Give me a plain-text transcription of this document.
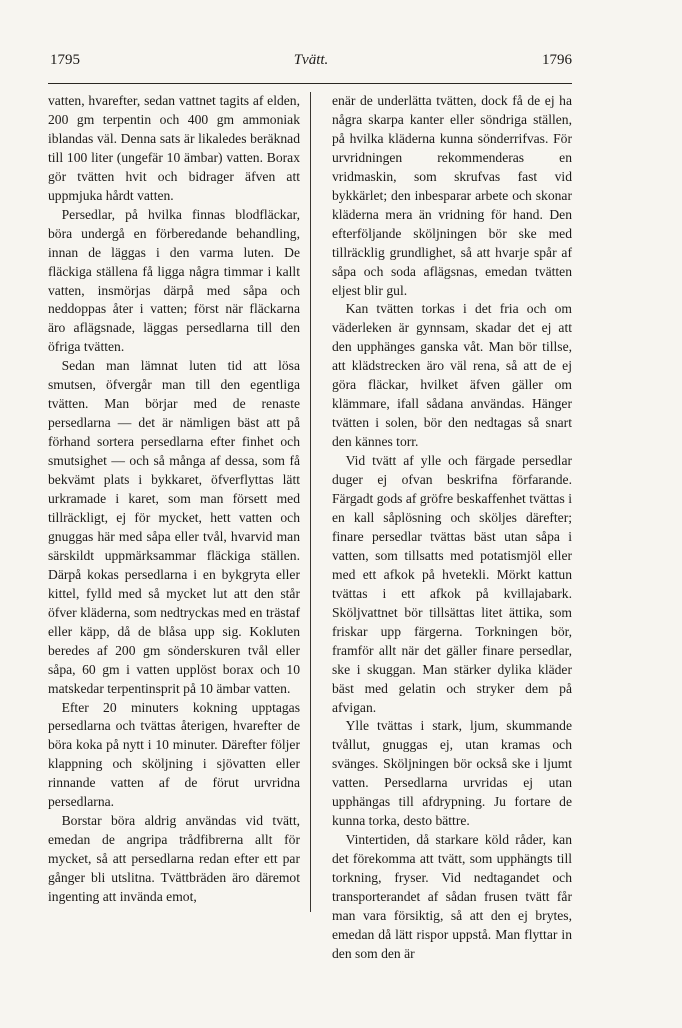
1795	Tvätt.	1796

vatten, hvarefter, sedan vattnet tagits af elden, 200 gm terpentin och 400 gm ammoniak iblandas väl. Denna sats är likaledes beräknad till 100 liter (ungefär 10 ämbar) vatten. Borax gör tvätten hvit och bidrager äfven att uppmjuka hårdt vatten.

Persedlar, på hvilka finnas blodfläckar, böra undergå en förberedande behandling, innan de läggas i den varma luten. De fläckiga ställena få ligga några timmar i kallt vatten, insmörjas därpå med såpa och neddoppas åter i vatten; först när fläckarna äro aflägsnade, läggas persedlarna till den öfriga tvätten.

Sedan man lämnat luten tid att lösa smutsen, öfvergår man till den egentliga tvätten. Man börjar med de renaste persedlarna — det är nämligen bäst att på förhand sortera persedlarna efter finhet och smutsighet — och så många af dessa, som få bekvämt plats i bykkaret, öfverflyttas lätt urkramade i karet, som man försett med tillräckligt, ej för mycket, hett vatten och gnuggas här med såpa eller tvål, hvarvid man särskildt uppmärksammar fläckiga ställen. Därpå kokas persedlarna i en bykgryta eller kittel, fylld med så mycket lut att den står öfver kläderna, som nedtryckas med en trästaf eller käpp, då de blåsa upp sig. Kokluten beredes af 200 gm sönderskuren tvål eller såpa, 60 gm i vatten upplöst borax och 10 matskedar terpentinsprit på 10 ämbar vatten.

Efter 20 minuters kokning upptagas persedlarna och tvättas återigen, hvarefter de böra koka på nytt i 10 minuter. Därefter följer klappning och sköljning i sjövatten eller rinnande vatten af de förut urvridna persedlarna.

Borstar böra aldrig användas vid tvätt, emedan de angripa trådfibrerna allt för mycket, så att persedlarna redan efter ett par gånger bli utslitna. Tvättbräden äro däremot ingenting att invända emot,

enär de underlätta tvätten, dock få de ej ha några skarpa kanter eller söndriga ställen, på hvilka kläderna kunna sönderrifvas. För urvridningen rekommenderas en vridmaskin, som skrufvas fast vid bykkärlet; den inbesparar arbete och skonar kläderna mera än vridning för hand. Den efterföljande sköljningen bör ske med tillräcklig grundlighet, så att hvarje spår af såpa och soda aflägsnas, emedan tvätten eljest blir gul.

Kan tvätten torkas i det fria och om väderleken är gynnsam, skadar det ej att den upphänges ganska våt. Man bör tillse, att klädstrecken äro väl rena, så att de ej göra fläckar, hvilket äfven gäller om klämmare, ifall sådana användas. Hänger tvätten i solen, bör den nedtagas så snart den kännes torr.

Vid tvätt af ylle och färgade persedlar duger ej ofvan beskrifna förfarande. Färgadt gods af gröfre beskaffenhet tvättas i en kall såplösning och sköljes därefter; finare persedlar tvättas bäst utan såpa i vatten, som tillsatts med potatismjöl eller med ett afkok på hvetekli. Mörkt kattun tvättas i ett afkok på kvillajabark. Sköljvattnet bör tillsättas litet ättika, som friskar upp färgerna. Torkningen bör, framför allt när det gäller finare persedlar, ske i skuggan. Man stärker dylika kläder bäst med gelatin och stryker dem på afvigan.

Ylle tvättas i stark, ljum, skummande tvållut, gnuggas ej, utan kramas och svänges. Sköljningen bör också ske i ljumt vatten. Persedlarna urvridas ej utan upphängas till afdrypning. Ju fortare de kunna torka, desto bättre.

Vintertiden, då starkare köld råder, kan det förekomma att tvätt, som upphängts till torkning, fryser. Vid nedtagandet och transporterandet af sådan frusen tvätt får man vara försiktig, så att den ej brytes, emedan då lätt rispor uppstå. Man flyttar in den som den är
